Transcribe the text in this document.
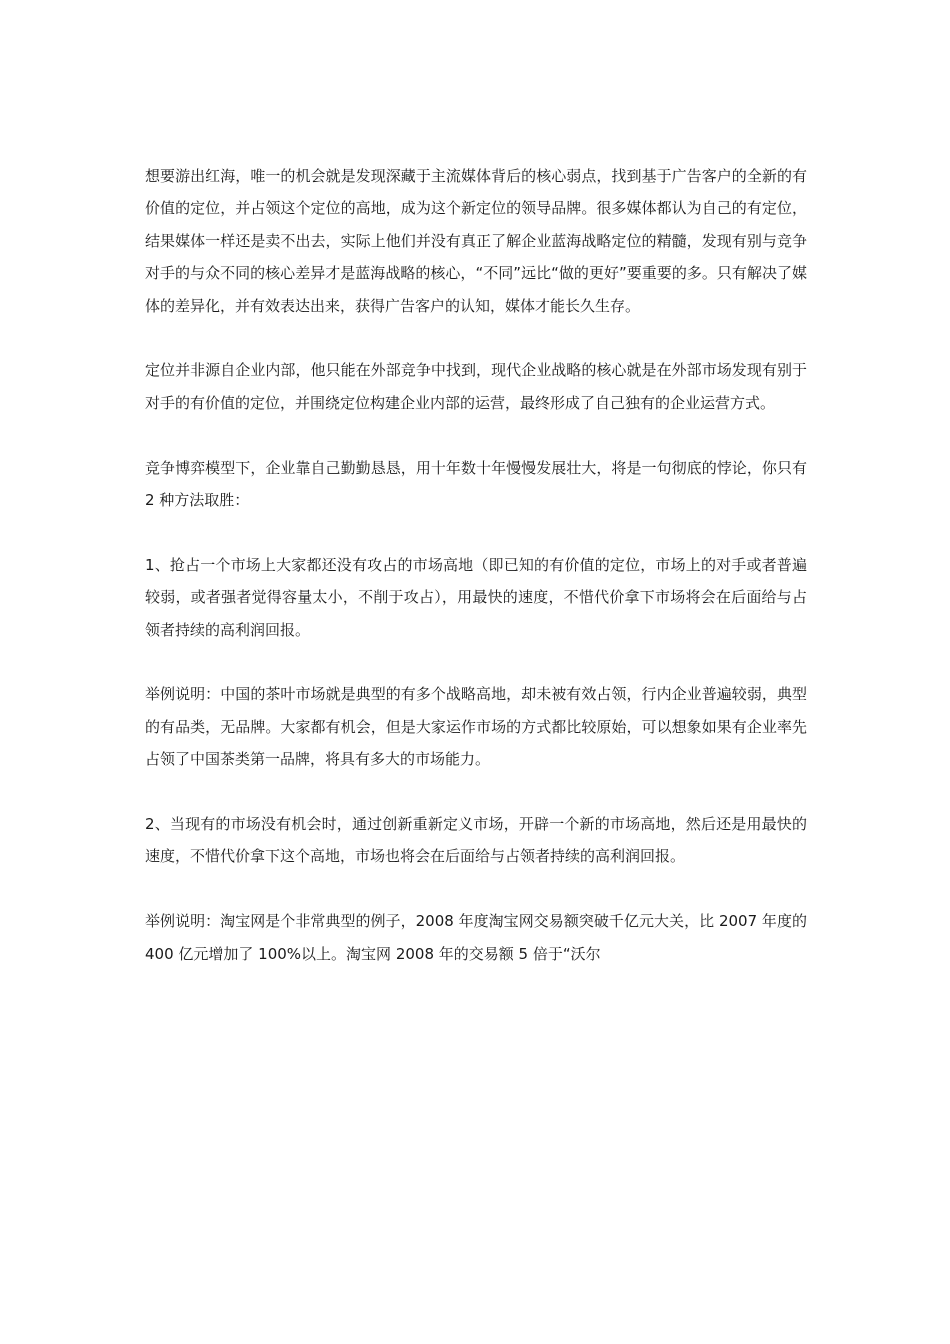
想要游出红海，唯一的机会就是发现深藏于主流媒体背后的核心弱点，找到基于广告客户的全新的有价值的定位，并占领这个定位的高地，成为这个新定位的领导品牌。很多媒体都认为自己的有定位，结果媒体一样还是卖不出去，实际上他们并没有真正了解企业蓝海战略定位的精髓，发现有别与竞争对手的与众不同的核心差异才是蓝海战略的核心，“不同”远比“做的更好”要重要的多。只有解决了媒体的差异化，并有效表达出来，获得广告客户的认知，媒体才能长久生存。

定位并非源自企业内部，他只能在外部竞争中找到，现代企业战略的核心就是在外部市场发现有别于对手的有价值的定位，并围绕定位构建企业内部的运营，最终形成了自己独有的企业运营方式。

竞争博弈模型下，企业靠自己勤勤恳恳，用十年数十年慢慢发展壮大，将是一句彻底的悖论，你只有 2 种方法取胜：

1、抢占一个市场上大家都还没有攻占的市场高地（即已知的有价值的定位，市场上的对手或者普遍较弱，或者强者觉得容量太小，不削于攻占），用最快的速度，不惜代价拿下市场将会在后面给与占领者持续的高利润回报。

举例说明：中国的茶叶市场就是典型的有多个战略高地，却未被有效占领，行内企业普遍较弱，典型的有品类，无品牌。大家都有机会，但是大家运作市场的方式都比较原始，可以想象如果有企业率先占领了中国茶类第一品牌，将具有多大的市场能力。

2、当现有的市场没有机会时，通过创新重新定义市场，开辟一个新的市场高地，然后还是用最快的速度，不惜代价拿下这个高地，市场也将会在后面给与占领者持续的高利润回报。

举例说明：淘宝网是个非常典型的例子，2008 年度淘宝网交易额突破千亿元大关，比 2007 年度的 400 亿元增加了 100%以上。淘宝网 2008 年的交易额 5 倍于“沃尔
